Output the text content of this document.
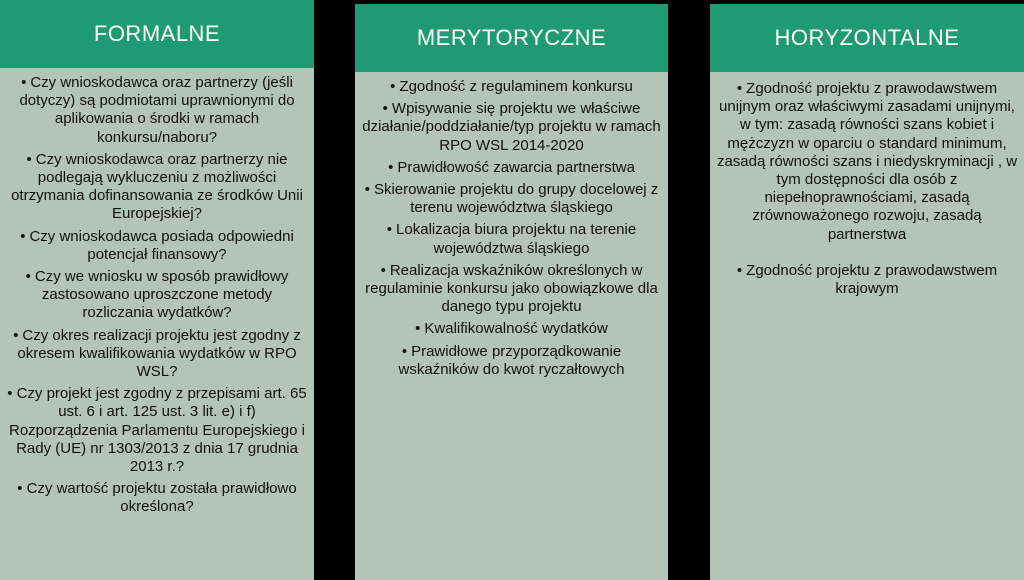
FORMALNE
• Czy wnioskodawca oraz partnerzy (jeśli dotyczy) są podmiotami uprawnionymi do aplikowania o środki w ramach konkursu/naboru?
• Czy wnioskodawca oraz partnerzy nie podlegają wykluczeniu z możliwości otrzymania dofinansowania ze środków Unii Europejskiej?
• Czy wnioskodawca posiada odpowiedni potencjał finansowy?
• Czy we wniosku w sposób prawidłowy zastosowano uproszczone metody rozliczania wydatków?
• Czy okres realizacji projektu jest zgodny z okresem kwalifikowania wydatków w RPO WSL?
• Czy projekt jest zgodny z przepisami art. 65 ust. 6 i art. 125 ust. 3 lit. e) i f) Rozporządzenia Parlamentu Europejskiego i Rady (UE) nr 1303/2013 z dnia 17 grudnia 2013 r.?
• Czy wartość projektu została prawidłowo określona?
MERYTORYCZNE
• Zgodność z regulaminem konkursu
• Wpisywanie się projektu we właściwe działanie/poddziałanie/typ projektu w ramach RPO WSL 2014-2020
• Prawidłowość zawarcia partnerstwa
• Skierowanie projektu do grupy docelowej z terenu województwa śląskiego
• Lokalizacja biura projektu na terenie województwa śląskiego
• Realizacja wskaźników określonych w regulaminie konkursu jako obowiązkowe dla danego typu projektu
• Kwalifikowalność wydatków
• Prawidłowe przyporządkowanie wskaźników do kwot ryczałtowych
HORYZONTALNE
• Zgodność projektu z prawodawstwem unijnym oraz właściwymi zasadami unijnymi, w tym: zasadą równości szans kobiet i mężczyzn w oparciu o standard minimum, zasadą równości szans i niedyskryminacji , w tym dostępności dla osób z niepełnoprawnościami, zasadą zrównoważonego rozwoju, zasadą partnerstwa
• Zgodność projektu z prawodawstwem krajowym
